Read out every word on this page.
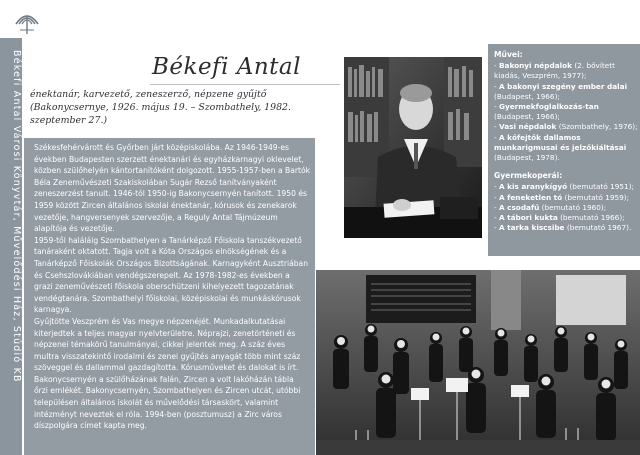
Békefi Antal
énektanár, karvezető, zeneszerző, népzene gyűjtő
(Bakonycsernye, 1926. május 19. – Szombathely, 1982. szeptember 27.)

Székesfehérvárott és Győrben járt középiskolába. Az 1946-1949-es években Budapesten szerzett énektanári és egyházkarnagyi oklevelet, közben szülőhelyén kántortanítóként dolgozott. 1955-1957-ben a Bartók Béla Zeneművészeti Szakiskolában Sugár Rezső tanítványaként zeneszerzést tanult. 1946-tól 1950-ig Bakonycsernyén tanított. 1950 és 1959 között Zircen általános iskolai énektanár, kórusok és zenekarok vezetője, hangversenyek szervezője, a Reguly Antal Tájmúzeum alapítója és vezetője.

1959-től haláláig Szombathelyen a Tanárképző Főiskola tanszékvezető tanáraként oktatott. Tagja volt a Kóta Országos elnökségének és a Tanárképző Főiskolák Országos Bizottságának. Karnagyként Ausztriában és Csehszlovákiában vendégszerepelt. Az 1978-1982-es években a grazi zeneművészeti főiskola oberschützeni kihelyezett tagozatának vendégtanára. Szombathelyi főiskolai, középiskolai és munkáskórusok karnagya.

Gyűjtötte Veszprém és Vas megye népzenéjét. Munkadalkutatásai kiterjedtek a teljes magyar nyelvterületre. Néprajzi, zenetörténeti és népzenei témakörű tanulmányai, cikkei jelentek meg. A száz éves multra visszatekintő irodalmi és zenei gyűjtés anyagát több mint száz szöveggel és dallammal gazdagította. Kórusműveket és dalokat is írt. Bakonycsernyén a szülőházának falán, Zircen a volt lakóházán tábla őrzi emlékét. Bakonycsernyén, Szombathelyen és Zircen utcát, utóbbi településen általános iskolát és művelődési társaskört, valamint intézményt neveztek el róla. 1994-ben (posztumusz) a Zirc város díszpolgára címet kapta meg.

Művei:
- Bakonyi népdalok (2. bővített kiadás, Veszprém, 1977);
- A bakonyi szegény ember dalai (Budapest, 1966);
- Gyermekfoglalkozás-tan (Budapest, 1966);
- Vasi népdalok (Szombathely, 1976);
- A kőfejtők dallamos munkarigmusai és jelzőkiáltásai (Budapest, 1978).
Gyermekoperái:
- A kis aranykígyó (bemutató 1951);
- A feneketlen tó (bemutató 1959);
- A csodafű (bemutató 1960);
- A tábori kukta (bemutató 1966);
- A tarka kiscsibe (bemutató 1967).
